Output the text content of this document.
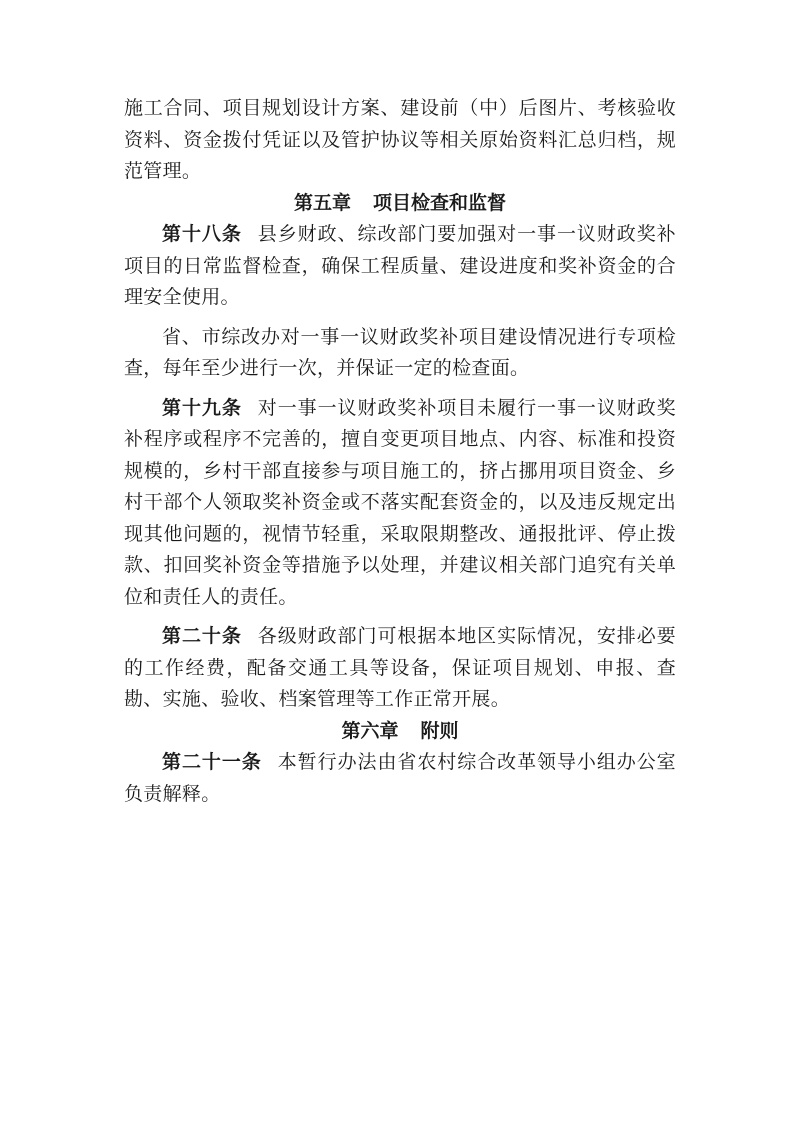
施工合同、项目规划设计方案、建设前（中）后图片、考核验收资料、资金拨付凭证以及管护协议等相关原始资料汇总归档，规范管理。

第五章 项目检查和监督

第十八条 县乡财政、综改部门要加强对一事一议财政奖补项目的日常监督检查，确保工程质量、建设进度和奖补资金的合理安全使用。

省、市综改办对一事一议财政奖补项目建设情况进行专项检查，每年至少进行一次，并保证一定的检查面。

第十九条 对一事一议财政奖补项目未履行一事一议财政奖补程序或程序不完善的，擅自变更项目地点、内容、标准和投资规模的，乡村干部直接参与项目施工的，挤占挪用项目资金、乡村干部个人领取奖补资金或不落实配套资金的，以及违反规定出现其他问题的，视情节轻重，采取限期整改、通报批评、停止拨款、扣回奖补资金等措施予以处理，并建议相关部门追究有关单位和责任人的责任。

第二十条 各级财政部门可根据本地区实际情况，安排必要的工作经费，配备交通工具等设备，保证项目规划、申报、查勘、实施、验收、档案管理等工作正常开展。

第六章 附则

第二十一条 本暂行办法由省农村综合改革领导小组办公室负责解释。
